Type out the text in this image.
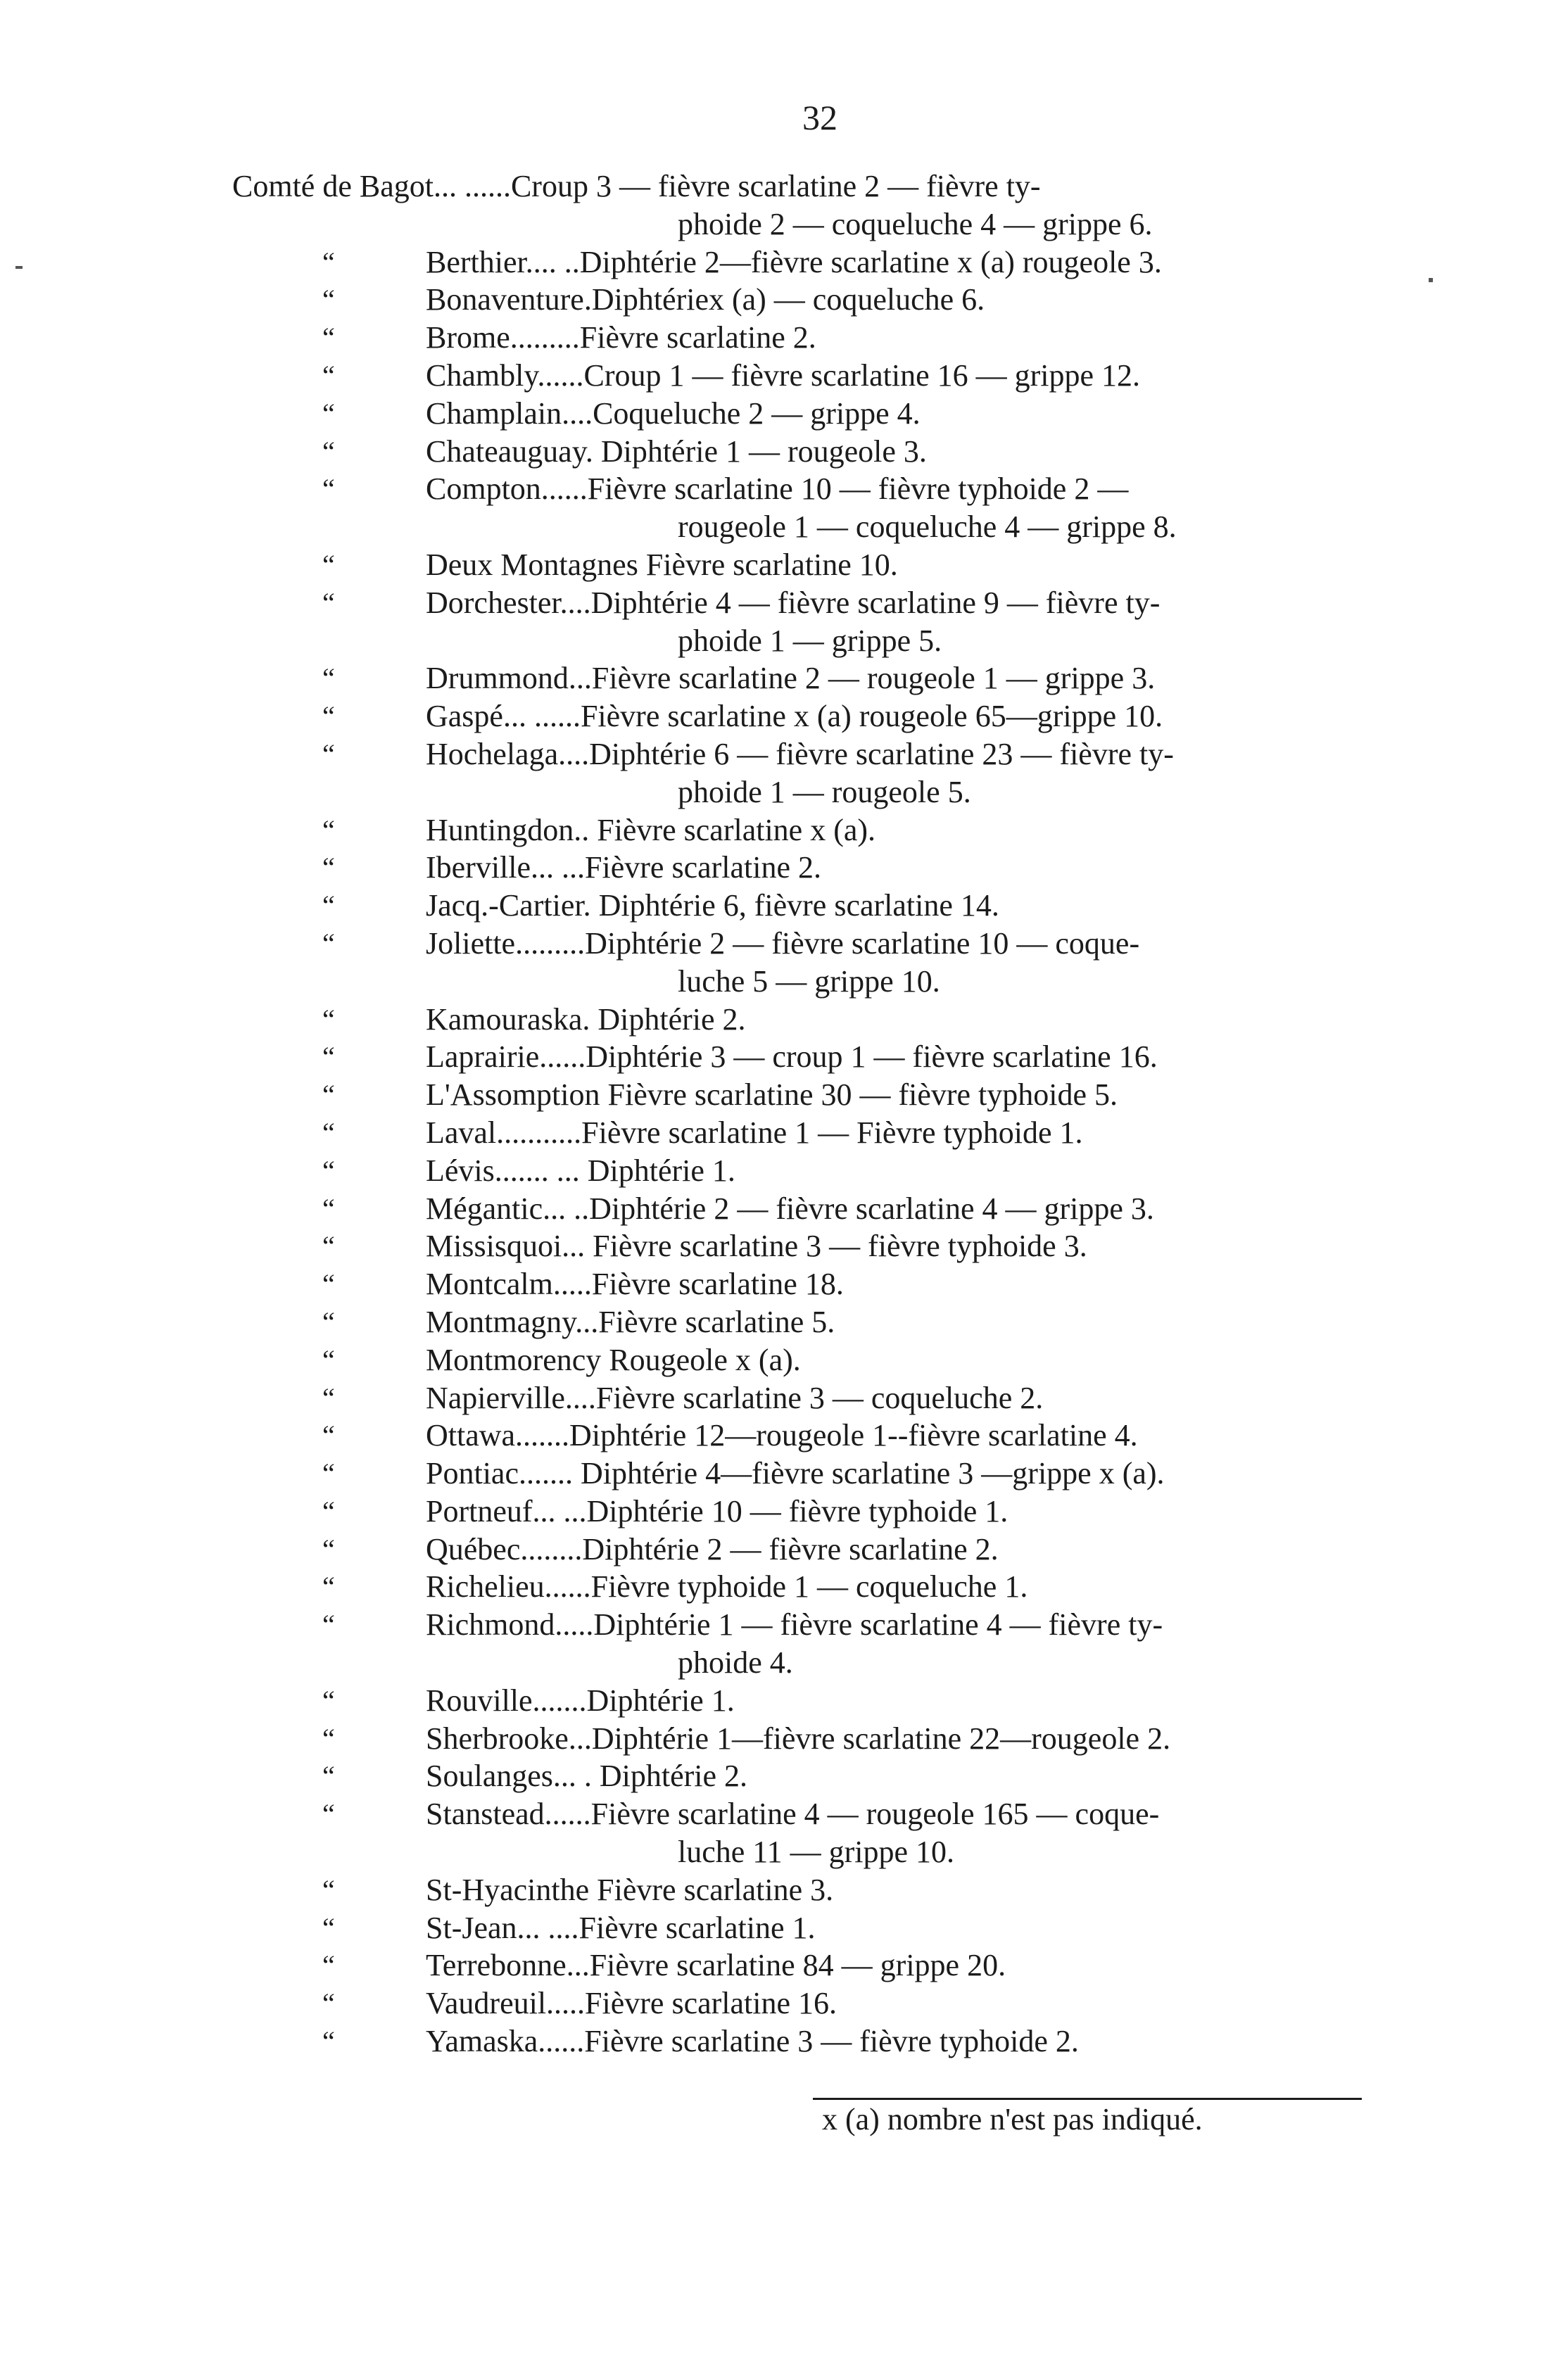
32
Comté de Bagot... ......Croup 3 — fièvre scarlatine 2 — fièvre ty-
phoide 2 — coqueluche 4 — grippe 6.
“	Berthier.... ..Diphtérie 2—fièvre scarlatine x (a) rougeole 3.
“	Bonaventure.Diphtériex (a) — coqueluche 6.
“	Brome.........Fièvre scarlatine 2.
“	Chambly......Croup 1 — fièvre scarlatine 16 — grippe 12.
“	Champlain....Coqueluche 2 — grippe 4.
“	Chateauguay. Diphtérie 1 — rougeole 3.
“	Compton......Fièvre scarlatine 10 — fièvre typhoide 2 —
rougeole 1 — coqueluche 4 — grippe 8.
“	Deux Montagnes Fièvre scarlatine 10.
“	Dorchester....Diphtérie 4 — fièvre scarlatine 9 — fièvre ty-
phoide 1 — grippe 5.
“	Drummond...Fièvre scarlatine 2 — rougeole 1 — grippe 3.
“	Gaspé... ......Fièvre scarlatine x (a) rougeole 65—grippe 10.
“	Hochelaga....Diphtérie 6 — fièvre scarlatine 23 — fièvre ty-
phoide 1 — rougeole 5.
“	Huntingdon.. Fièvre scarlatine x (a).
“	Iberville... ...Fièvre scarlatine 2.
“	Jacq.-Cartier. Diphtérie 6, fièvre scarlatine 14.
“	Joliette.........Diphtérie 2 — fièvre scarlatine 10 — coque-
luche 5 — grippe 10.
“	Kamouraska. Diphtérie 2.
“	Laprairie......Diphtérie 3 — croup 1 — fièvre scarlatine 16.
“	L'Assomption Fièvre scarlatine 30 — fièvre typhoide 5.
“	Laval...........Fièvre scarlatine 1 — Fièvre typhoide 1.
“	Lévis....... ... Diphtérie 1.
“	Mégantic... ..Diphtérie 2 — fièvre scarlatine 4 — grippe 3.
“	Missisquoi... Fièvre scarlatine 3 — fièvre typhoide 3.
“	Montcalm.....Fièvre scarlatine 18.
“	Montmagny...Fièvre scarlatine 5.
“	Montmorency Rougeole x (a).
“	Napierville....Fièvre scarlatine 3 — coqueluche 2.
“	Ottawa.......Diphtérie 12—rougeole 1--fièvre scarlatine 4.
“	Pontiac....... Diphtérie 4—fièvre scarlatine 3 —grippe x (a).
“	Portneuf... ...Diphtérie 10 — fièvre typhoide 1.
“	Québec........Diphtérie 2 — fièvre scarlatine 2.
“	Richelieu......Fièvre typhoide 1 — coqueluche 1.
“	Richmond.....Diphtérie 1 — fièvre scarlatine 4 — fièvre ty-
phoide 4.
“	Rouville.......Diphtérie 1.
“	Sherbrooke...Diphtérie 1—fièvre scarlatine 22—rougeole 2.
“	Soulanges... . Diphtérie 2.
“	Stanstead......Fièvre scarlatine 4 — rougeole 165 — coque-
luche 11 — grippe 10.
“	St-Hyacinthe Fièvre scarlatine 3.
“	St-Jean... ....Fièvre scarlatine 1.
“	Terrebonne...Fièvre scarlatine 84 — grippe 20.
“	Vaudreuil.....Fièvre scarlatine 16.
“	Yamaska......Fièvre scarlatine 3 — fièvre typhoide 2.
x (a) nombre n'est pas indiqué.
